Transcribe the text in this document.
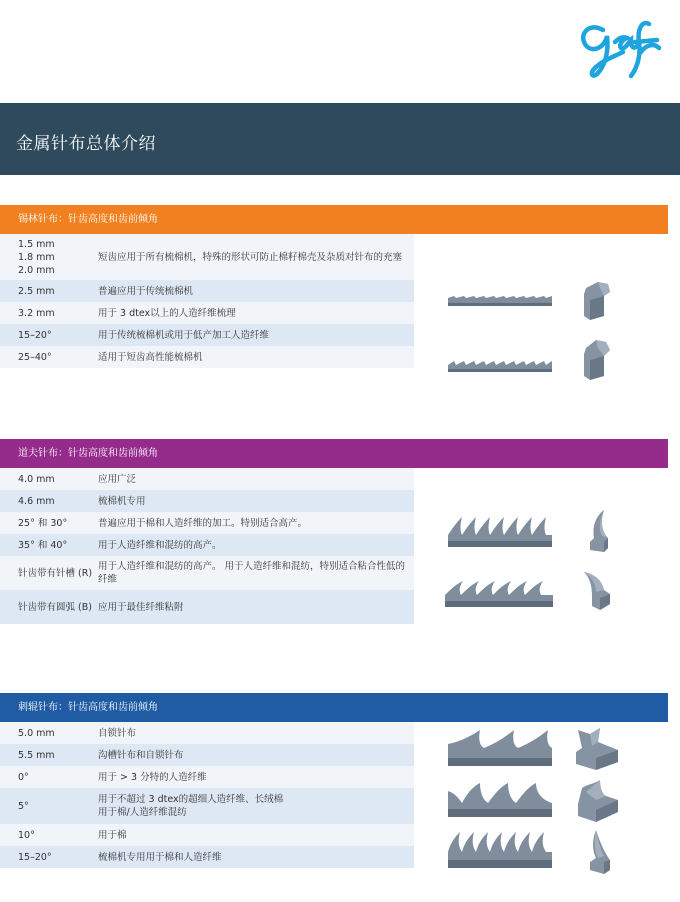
金属针布总体介绍
锡林针布：针齿高度和齿前倾角
1.5 mm
1.8 mm
2.0 mm	短齿应用于所有梳棉机，特殊的形状可防止棉籽棉壳及杂质对针布的充塞
2.5 mm	普遍应用于传统梳棉机
3.2 mm	用于 3 dtex以上的人造纤维梳理
15–20°	用于传统梳棉机或用于低产加工人造纤维
25–40°	适用于短齿高性能梳棉机
道夫针布：针齿高度和齿前倾角
4.0 mm	应用广泛
4.6 mm	梳棉机专用
25° 和 30°	普遍应用于棉和人造纤维的加工。特别适合高产。
35° 和 40°	用于人造纤维和混纺的高产。
针齿带有针槽 (R)	用于人造纤维和混纺的高产。 用于人造纤维和混纺，特别适合粘合性低的纤维
针齿带有圆弧 (B)	应用于最佳纤维粘附
刺辊针布：针齿高度和齿前倾角
5.0 mm	自锁针布
5.5 mm	沟槽针布和自锁针布
0°	用于 > 3 分特的人造纤维
5°	用于不超过 3 dtex的超细人造纤维、长绒棉
用于棉/人造纤维混纺
10°	用于棉
15–20°	梳棉机专用用于棉和人造纤维
